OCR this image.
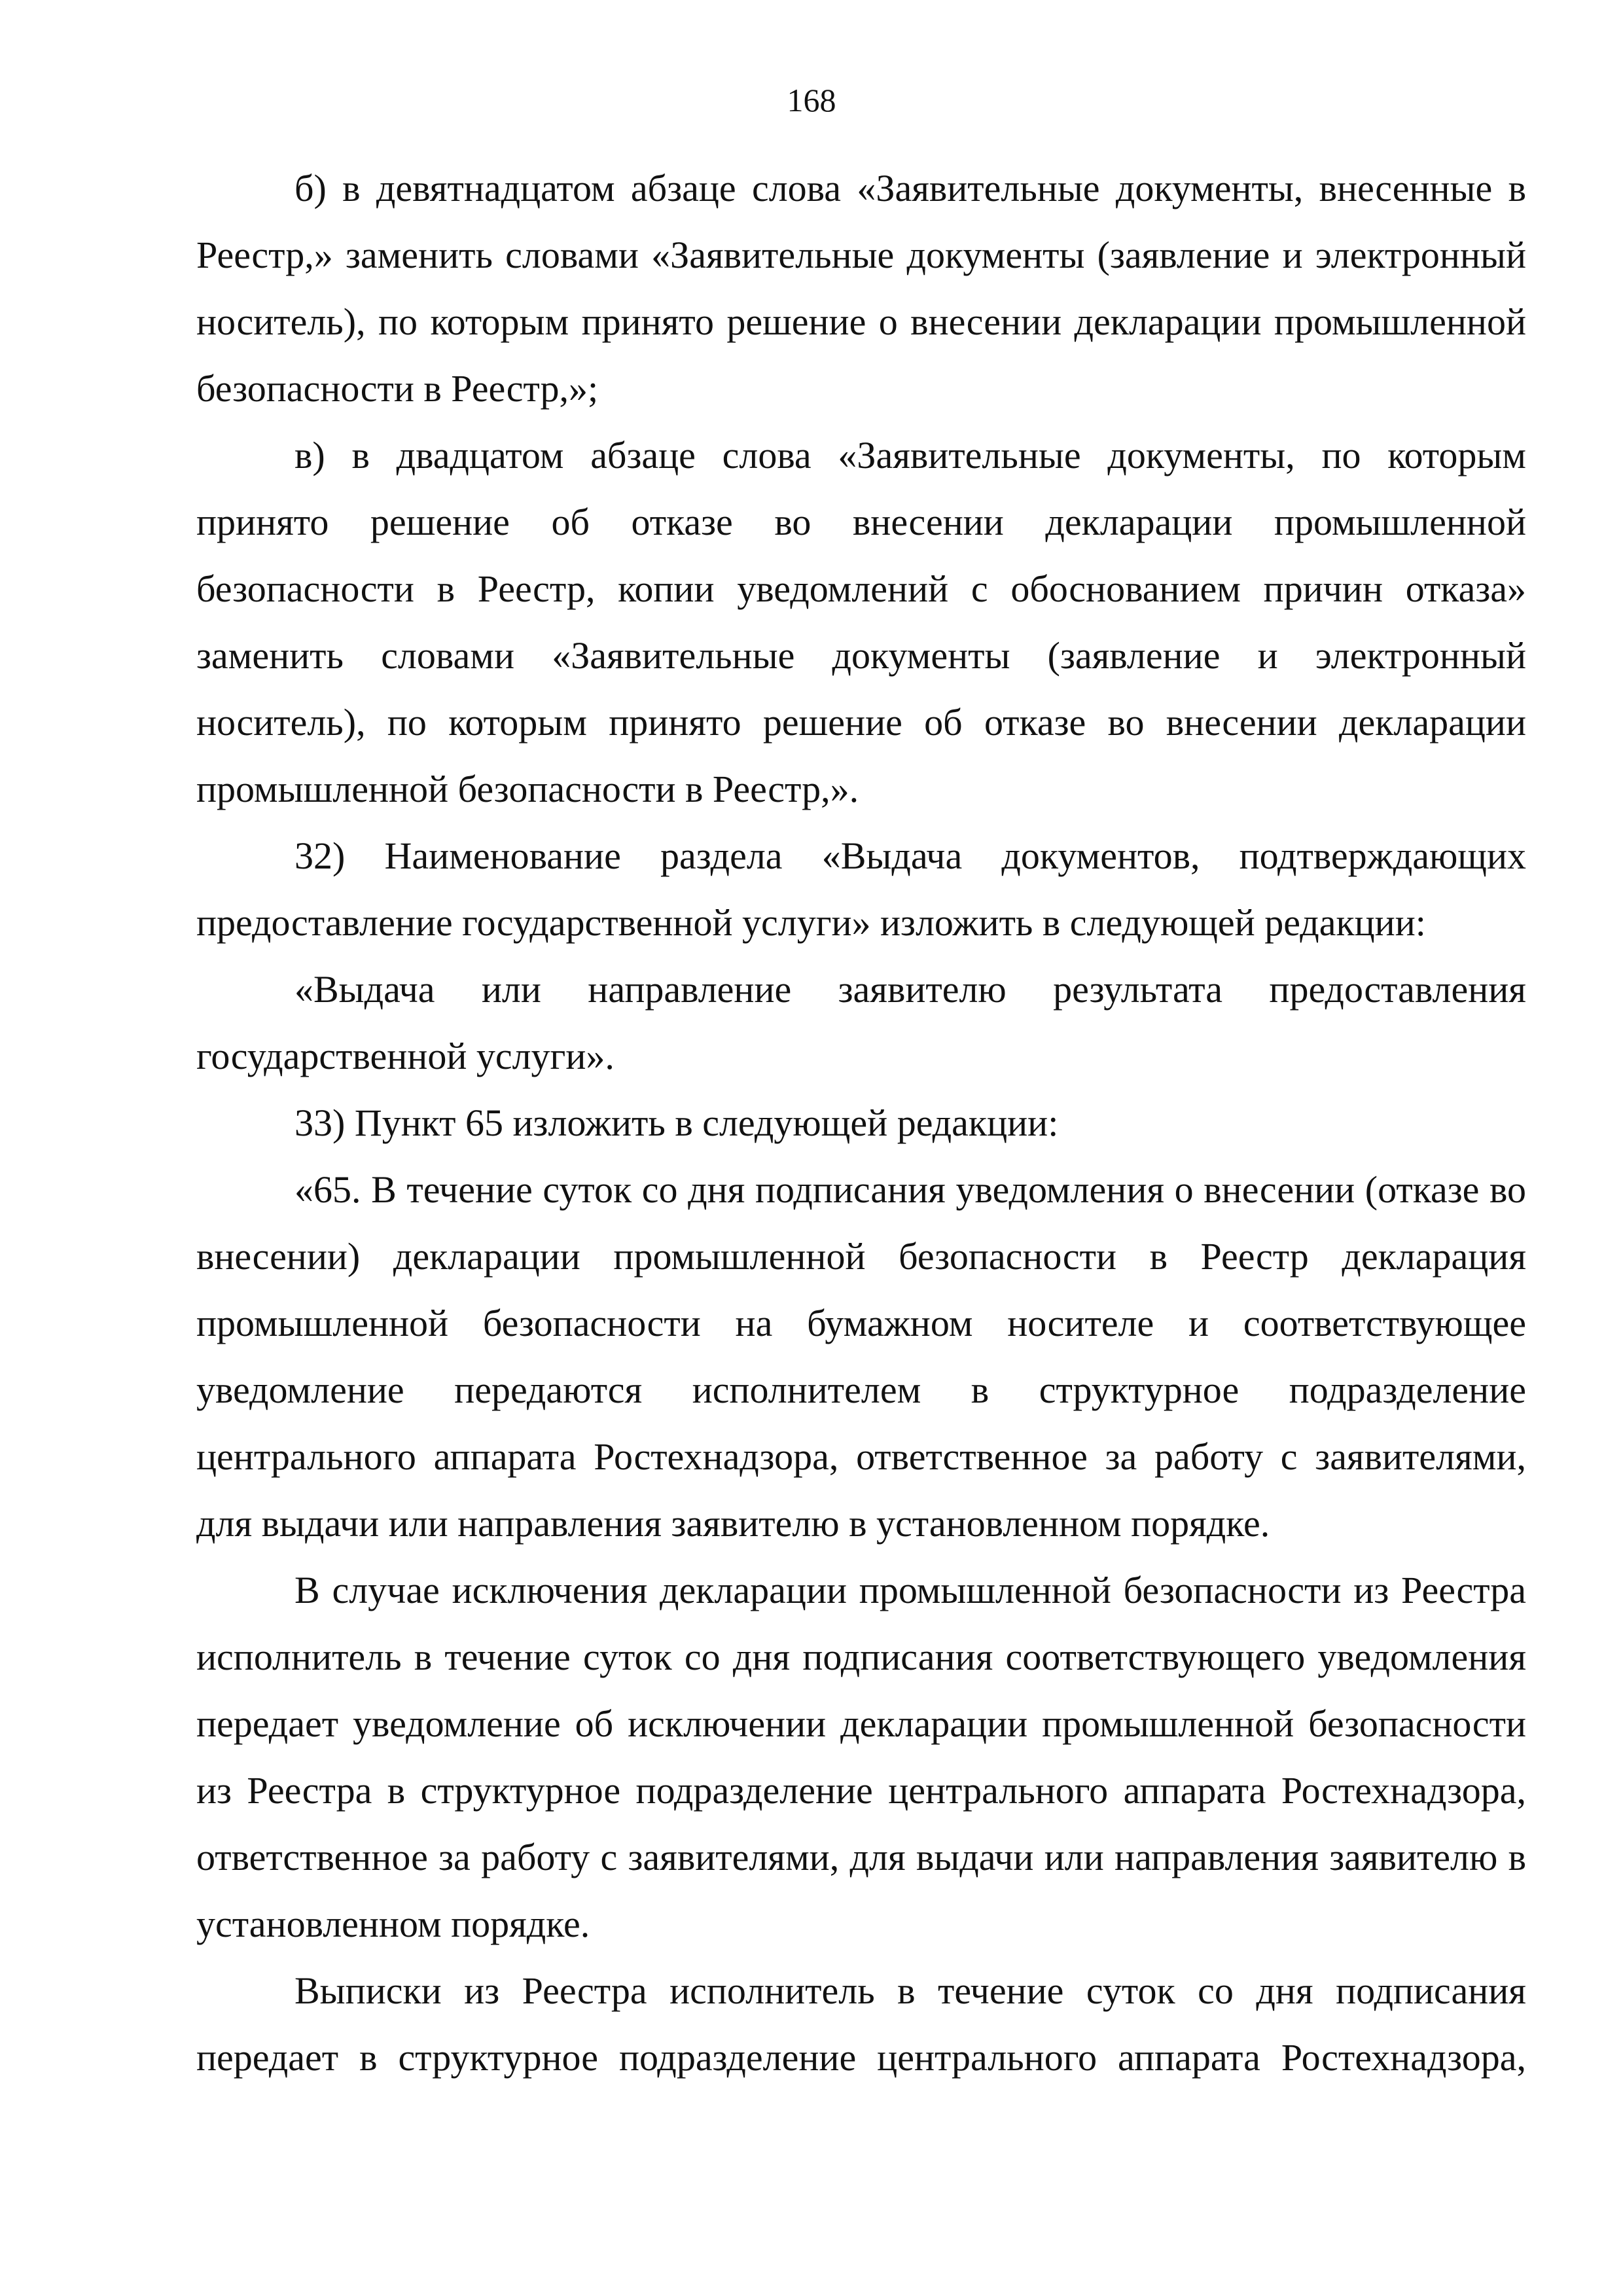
168

б) в девятнадцатом абзаце слова «Заявительные документы, внесенные в Реестр,» заменить словами «Заявительные документы (заявление и электронный носитель), по которым принято решение о внесении декларации промышленной безопасности в Реестр,»;

в) в двадцатом абзаце слова «Заявительные документы, по которым принято решение об отказе во внесении декларации промышленной безопасности в Реестр, копии уведомлений с обоснованием причин отказа» заменить словами «Заявительные документы (заявление и электронный носитель), по которым принято решение об отказе во внесении декларации промышленной безопасности в Реестр,».

32) Наименование раздела «Выдача документов, подтверждающих предоставление государственной услуги» изложить в следующей редакции:

«Выдача или направление заявителю результата предоставления государственной услуги».

33) Пункт 65 изложить в следующей редакции:

«65. В течение суток со дня подписания уведомления о внесении (отказе во внесении) декларации промышленной безопасности в Реестр декларация промышленной безопасности на бумажном носителе и соответствующее уведомление передаются исполнителем в структурное подразделение центрального аппарата Ростехнадзора, ответственное за работу с заявителями, для выдачи или направления заявителю в установленном порядке.

В случае исключения декларации промышленной безопасности из Реестра исполнитель в течение суток со дня подписания соответствующего уведомления передает уведомление об исключении декларации промышленной безопасности из Реестра в структурное подразделение центрального аппарата Ростехнадзора, ответственное за работу с заявителями, для выдачи или направления заявителю в установленном порядке.

Выписки из Реестра исполнитель в течение суток со дня подписания передает в структурное подразделение центрального аппарата Ростехнадзора,
